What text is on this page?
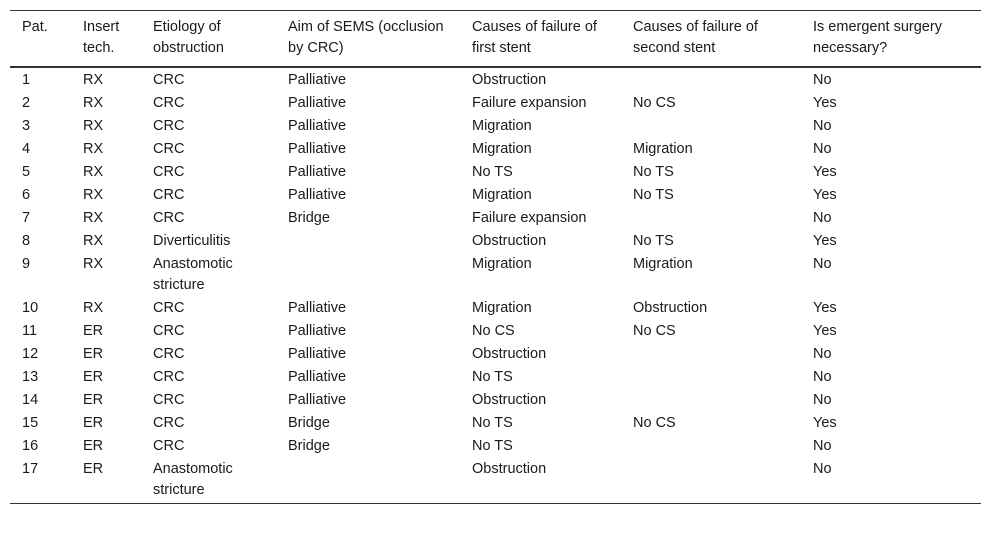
Pat.	Insert tech.	Etiology of obstruction	Aim of SEMS (occlusion by CRC)	Causes of failure of first stent	Causes of failure of second stent	Is emergent surgery necessary?
1	RX	CRC	Palliative	Obstruction		No
2	RX	CRC	Palliative	Failure expansion	No CS	Yes
3	RX	CRC	Palliative	Migration		No
4	RX	CRC	Palliative	Migration	Migration	No
5	RX	CRC	Palliative	No TS	No TS	Yes
6	RX	CRC	Palliative	Migration	No TS	Yes
7	RX	CRC	Bridge	Failure expansion		No
8	RX	Diverticulitis		Obstruction	No TS	Yes
9	RX	Anastomotic stricture		Migration	Migration	No
10	RX	CRC	Palliative	Migration	Obstruction	Yes
11	ER	CRC	Palliative	No CS	No CS	Yes
12	ER	CRC	Palliative	Obstruction		No
13	ER	CRC	Palliative	No TS		No
14	ER	CRC	Palliative	Obstruction		No
15	ER	CRC	Bridge	No TS	No CS	Yes
16	ER	CRC	Bridge	No TS		No
17	ER	Anastomotic stricture		Obstruction		No
